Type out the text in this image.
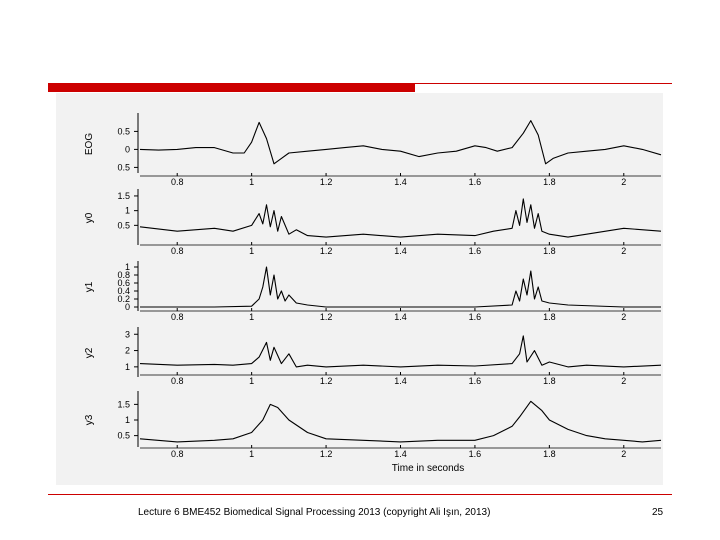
EOG
0.5
0
0.5
0.8	1	1.2	1.4	1.6	1.8	2
y0
1.5
1
0.5
0.8	1	1.2	1.4	1.6	1.8	2
y1
1
0.8
0.6
0.4
0.2
0
0.8	1	1.2	1.4	1.6	1.8	2
y2
3
2
1
0.8	1	1.2	1.4	1.6	1.8	2
y3
1.5
1
0.5
0.8	1	1.2	1.4	1.6	1.8	2
Time in seconds
Lecture 6 BME452 Biomedical Signal Processing 2013 (copyright Ali Işın, 2013)	25
